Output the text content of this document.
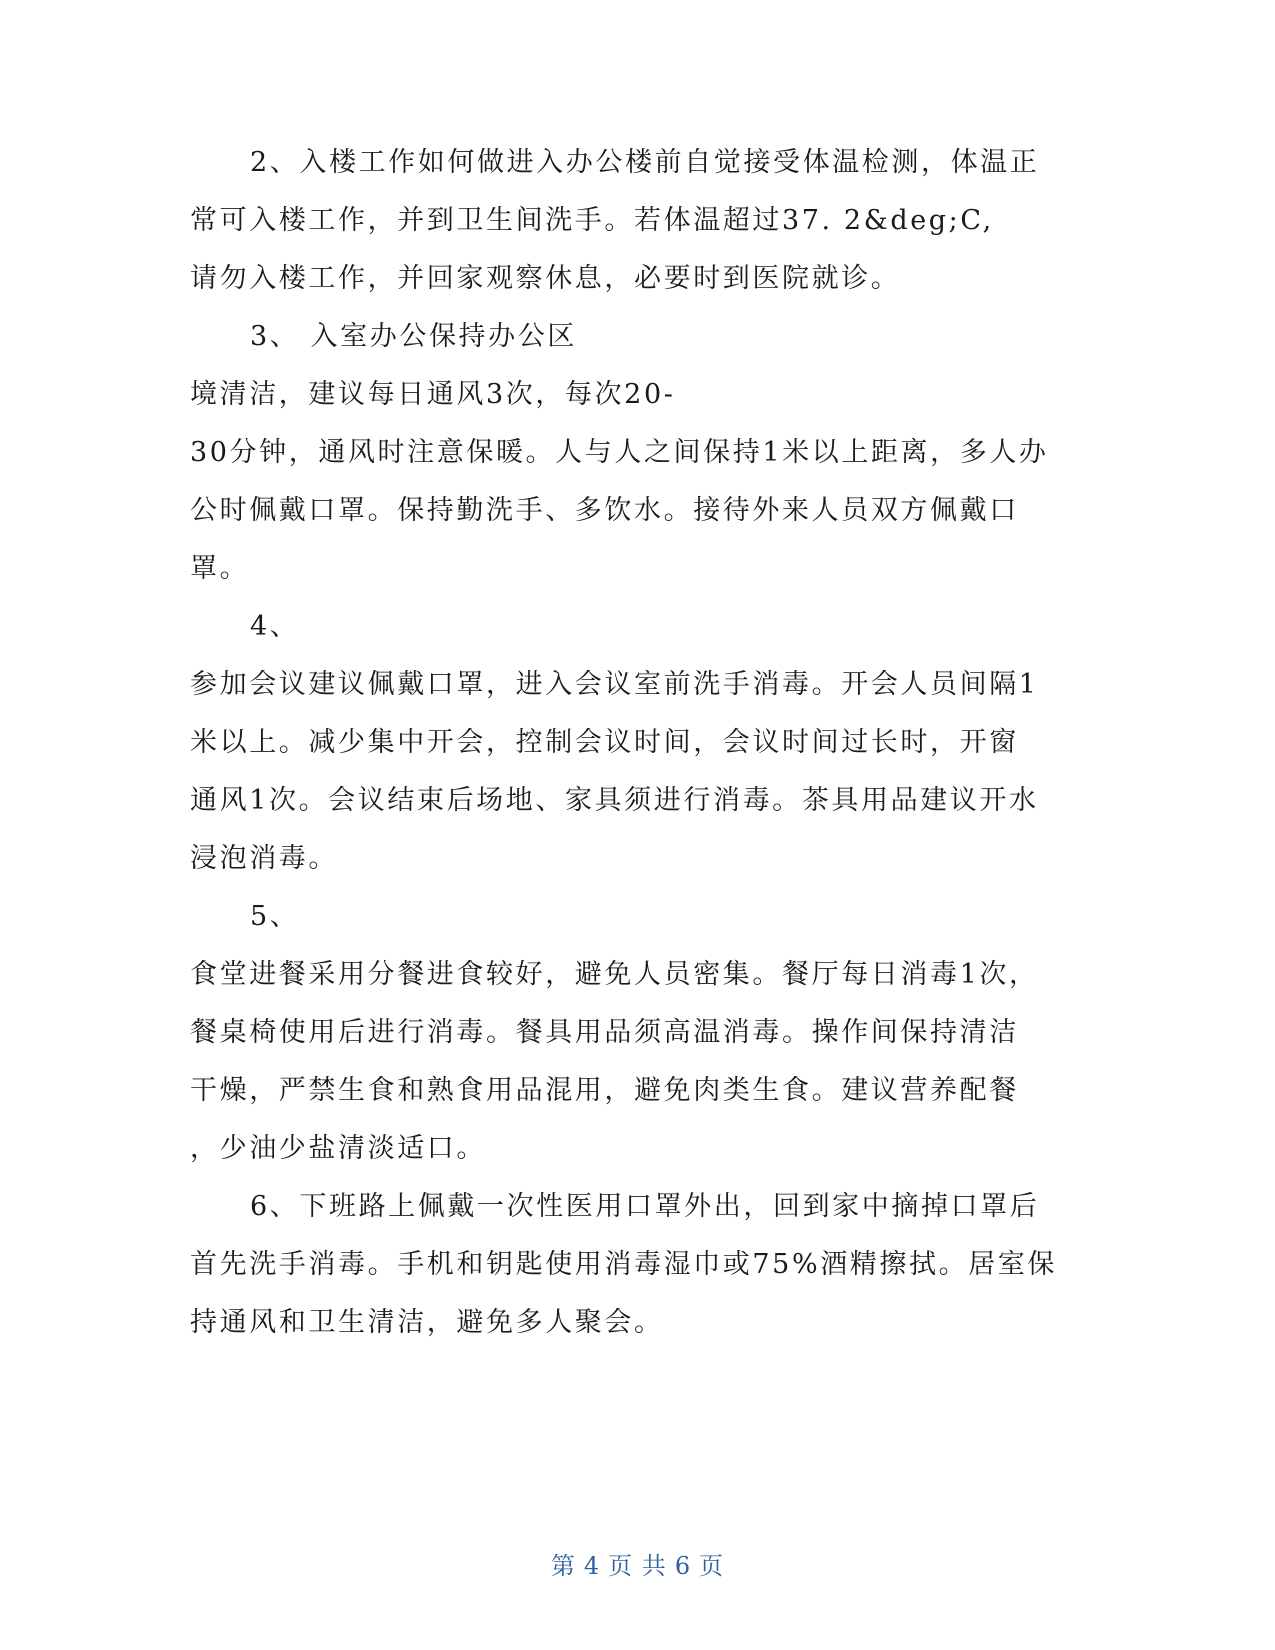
2、入楼工作如何做进入办公楼前自觉接受体温检测，体温正
常可入楼工作，并到卫生间洗手。若体温超过37. 2&deg;C,
请勿入楼工作，并回家观察休息，必要时到医院就诊。
3、 入室办公保持办公区
境清洁，建议每日通风3次，每次20-
30分钟，通风时注意保暖。人与人之间保持1米以上距离，多人办
公时佩戴口罩。保持勤洗手、多饮水。接待外来人员双方佩戴口
罩。
4、
参加会议建议佩戴口罩，进入会议室前洗手消毒。开会人员间隔1
米以上。减少集中开会，控制会议时间，会议时间过长时，开窗
通风1次。会议结束后场地、家具须进行消毒。茶具用品建议开水
浸泡消毒。
5、
食堂进餐采用分餐进食较好，避免人员密集。餐厅每日消毒1次，
餐桌椅使用后进行消毒。餐具用品须高温消毒。操作间保持清洁
干燥，严禁生食和熟食用品混用，避免肉类生食。建议营养配餐
，少油少盐清淡适口。
6、下班路上佩戴一次性医用口罩外出，回到家中摘掉口罩后
首先洗手消毒。手机和钥匙使用消毒湿巾或75%酒精擦拭。居室保
持通风和卫生清洁，避免多人聚会。
第 4 页 共 6 页
